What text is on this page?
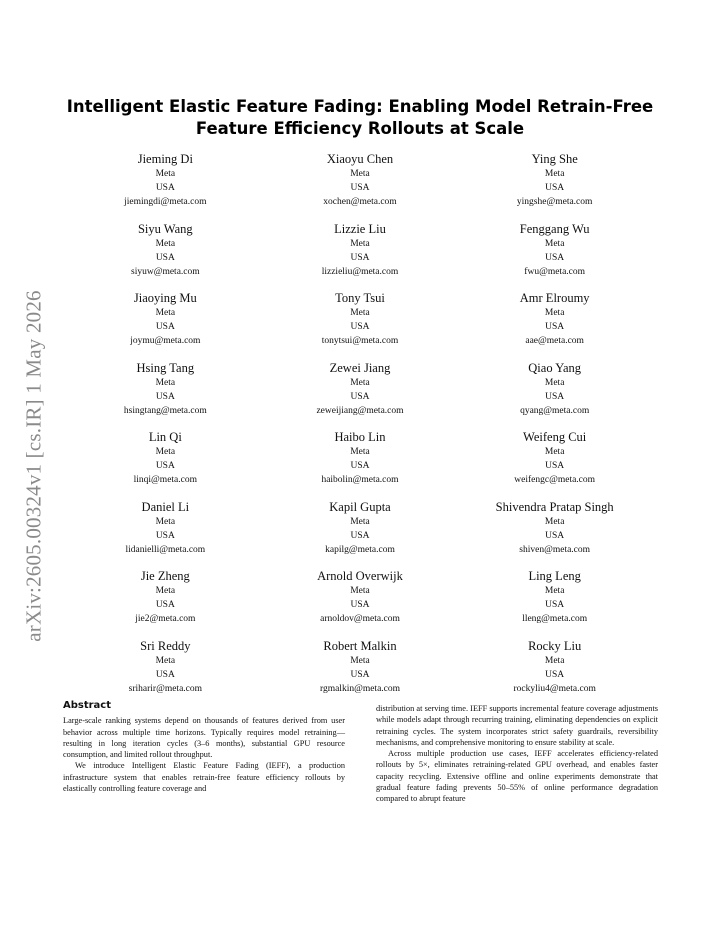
arXiv:2605.00324v1 [cs.IR] 1 May 2026
Intelligent Elastic Feature Fading: Enabling Model Retrain-Free
Feature Efficiency Rollouts at Scale
Jieming Di
Meta
USA
jiemingdi@meta.com
Xiaoyu Chen
Meta
USA
xochen@meta.com
Ying She
Meta
USA
yingshe@meta.com
Siyu Wang
Meta
USA
siyuw@meta.com
Lizzie Liu
Meta
USA
lizzieliu@meta.com
Fenggang Wu
Meta
USA
fwu@meta.com
Jiaoying Mu
Meta
USA
joymu@meta.com
Tony Tsui
Meta
USA
tonytsui@meta.com
Amr Elroumy
Meta
USA
aae@meta.com
Hsing Tang
Meta
USA
hsingtang@meta.com
Zewei Jiang
Meta
USA
zeweijiang@meta.com
Qiao Yang
Meta
USA
qyang@meta.com
Lin Qi
Meta
USA
linqi@meta.com
Haibo Lin
Meta
USA
haibolin@meta.com
Weifeng Cui
Meta
USA
weifengc@meta.com
Daniel Li
Meta
USA
lidanielli@meta.com
Kapil Gupta
Meta
USA
kapilg@meta.com
Shivendra Pratap Singh
Meta
USA
shiven@meta.com
Jie Zheng
Meta
USA
jie2@meta.com
Arnold Overwijk
Meta
USA
arnoldov@meta.com
Ling Leng
Meta
USA
lleng@meta.com
Sri Reddy
Meta
USA
sriharir@meta.com
Robert Malkin
Meta
USA
rgmalkin@meta.com
Rocky Liu
Meta
USA
rockyliu4@meta.com
Abstract

Large-scale ranking systems depend on thousands of features derived from user behavior across multiple time horizons. Typically requires model retraining—resulting in long iteration cycles (3–6 months), substantial GPU resource consumption, and limited rollout throughput.

We introduce Intelligent Elastic Feature Fading (IEFF), a production infrastructure system that enables retrain-free feature efficiency rollouts by elastically controlling feature coverage and

distribution at serving time. IEFF supports incremental feature coverage adjustments while models adapt through recurring training, eliminating dependencies on explicit retraining cycles. The system incorporates strict safety guardrails, reversibility mechanisms, and comprehensive monitoring to ensure stability at scale.

Across multiple production use cases, IEFF accelerates efficiency-related rollouts by 5×, eliminates retraining-related GPU overhead, and enables faster capacity recycling. Extensive offline and online experiments demonstrate that gradual feature fading prevents 50–55% of online performance degradation compared to abrupt feature
